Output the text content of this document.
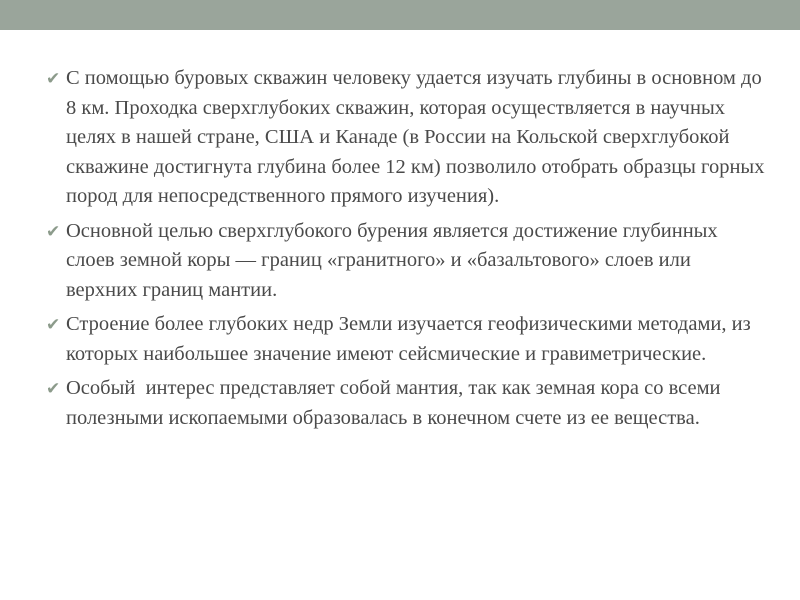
✔ С помощью буровых скважин человеку удается изучать глубины в основном до 8 км. Проходка сверхглубоких скважин, которая осуществляется в научных целях в нашей стране, США и Канаде (в России на Кольской сверхглубокой скважине достигнута глубина более 12 км) позволило отобрать образцы горных пород для непосредственного прямого изучения).
✔ Основной целью сверхглубокого бурения является достижение глубинных слоев земной коры — границ «гранитного» и «базальтового» слоев или верхних границ мантии.
✔ Строение более глубоких недр Земли изучается геофизическими методами, из которых наибольшее значение имеют сейсмические и гравиметрические.
✔ Особый  интерес представляет собой мантия, так как земная кора со всеми полезными ископаемыми образовалась в конечном счете из ее вещества.
